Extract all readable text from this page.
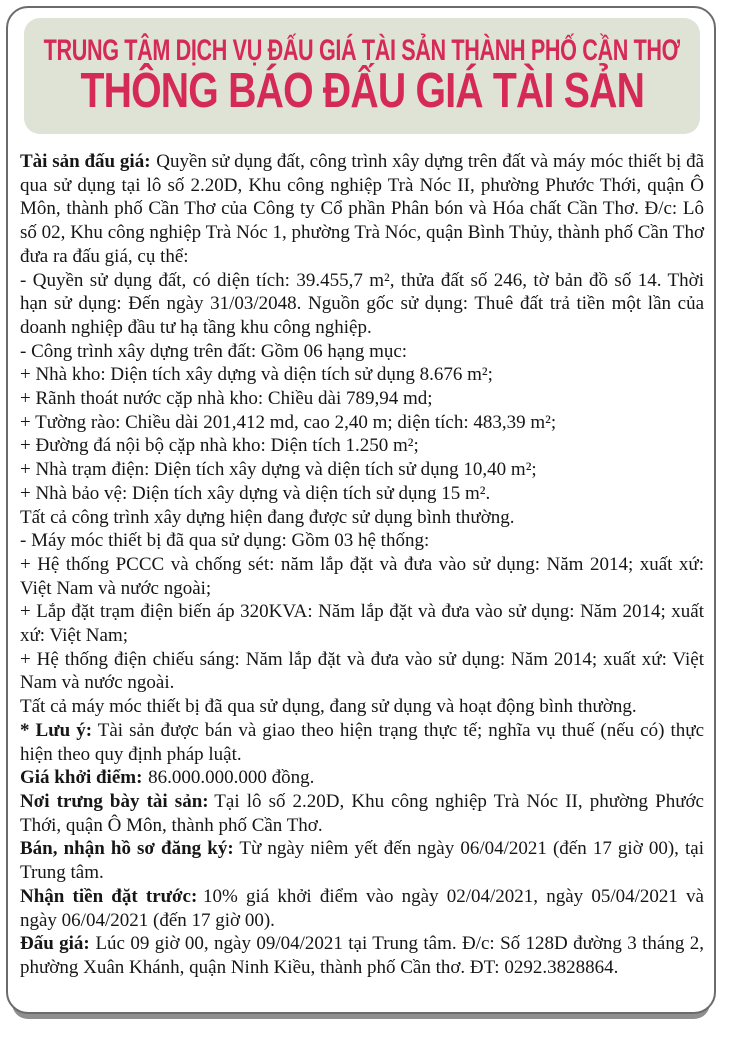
TRUNG TÂM DỊCH VỤ ĐẤU GIÁ TÀI SẢN THÀNH PHỐ CẦN THƠ
THÔNG BÁO ĐẤU GIÁ TÀI SẢN

Tài sản đấu giá: Quyền sử dụng đất, công trình xây dựng trên đất và máy móc thiết bị đã qua sử dụng tại lô số 2.20D, Khu công nghiệp Trà Nóc II, phường Phước Thới, quận Ô Môn, thành phố Cần Thơ của Công ty Cổ phần Phân bón và Hóa chất Cần Thơ. Đ/c: Lô số 02, Khu công nghiệp Trà Nóc 1, phường Trà Nóc, quận Bình Thủy, thành phố Cần Thơ đưa ra đấu giá, cụ thể:

- Quyền sử dụng đất, có diện tích: 39.455,7 m², thửa đất số 246, tờ bản đồ số 14. Thời hạn sử dụng: Đến ngày 31/03/2048. Nguồn gốc sử dụng: Thuê đất trả tiền một lần của doanh nghiệp đầu tư hạ tầng khu công nghiệp.

- Công trình xây dựng trên đất: Gồm 06 hạng mục:

+ Nhà kho: Diện tích xây dựng và diện tích sử dụng 8.676 m²;

+ Rãnh thoát nước cặp nhà kho: Chiều dài 789,94 md;

+ Tường rào: Chiều dài 201,412 md, cao 2,40 m; diện tích: 483,39 m²;

+ Đường đá nội bộ cặp nhà kho: Diện tích 1.250 m²;

+ Nhà trạm điện: Diện tích xây dựng và diện tích sử dụng 10,40 m²;

+ Nhà bảo vệ: Diện tích xây dựng và diện tích sử dụng 15 m².

Tất cả công trình xây dựng hiện đang được sử dụng bình thường.

- Máy móc thiết bị đã qua sử dụng: Gồm 03 hệ thống:

+ Hệ thống PCCC và chống sét: năm lắp đặt và đưa vào sử dụng: Năm 2014; xuất xứ: Việt Nam và nước ngoài;

+ Lắp đặt trạm điện biến áp 320KVA: Năm lắp đặt và đưa vào sử dụng: Năm 2014; xuất xứ: Việt Nam;

+ Hệ thống điện chiếu sáng: Năm lắp đặt và đưa vào sử dụng: Năm 2014; xuất xứ: Việt Nam và nước ngoài.

Tất cả máy móc thiết bị đã qua sử dụng, đang sử dụng và hoạt động bình thường.

* Lưu ý: Tài sản được bán và giao theo hiện trạng thực tế; nghĩa vụ thuế (nếu có) thực hiện theo quy định pháp luật.

Giá khởi điểm: 86.000.000.000 đồng.

Nơi trưng bày tài sản: Tại lô số 2.20D, Khu công nghiệp Trà Nóc II, phường Phước Thới, quận Ô Môn, thành phố Cần Thơ.

Bán, nhận hồ sơ đăng ký: Từ ngày niêm yết đến ngày 06/04/2021 (đến 17 giờ 00), tại Trung tâm.

Nhận tiền đặt trước: 10% giá khởi điểm vào ngày 02/04/2021, ngày 05/04/2021 và ngày 06/04/2021 (đến 17 giờ 00).

Đấu giá: Lúc 09 giờ 00, ngày 09/04/2021 tại Trung tâm. Đ/c: Số 128D đường 3 tháng 2, phường Xuân Khánh, quận Ninh Kiều, thành phố Cần thơ. ĐT: 0292.3828864.
